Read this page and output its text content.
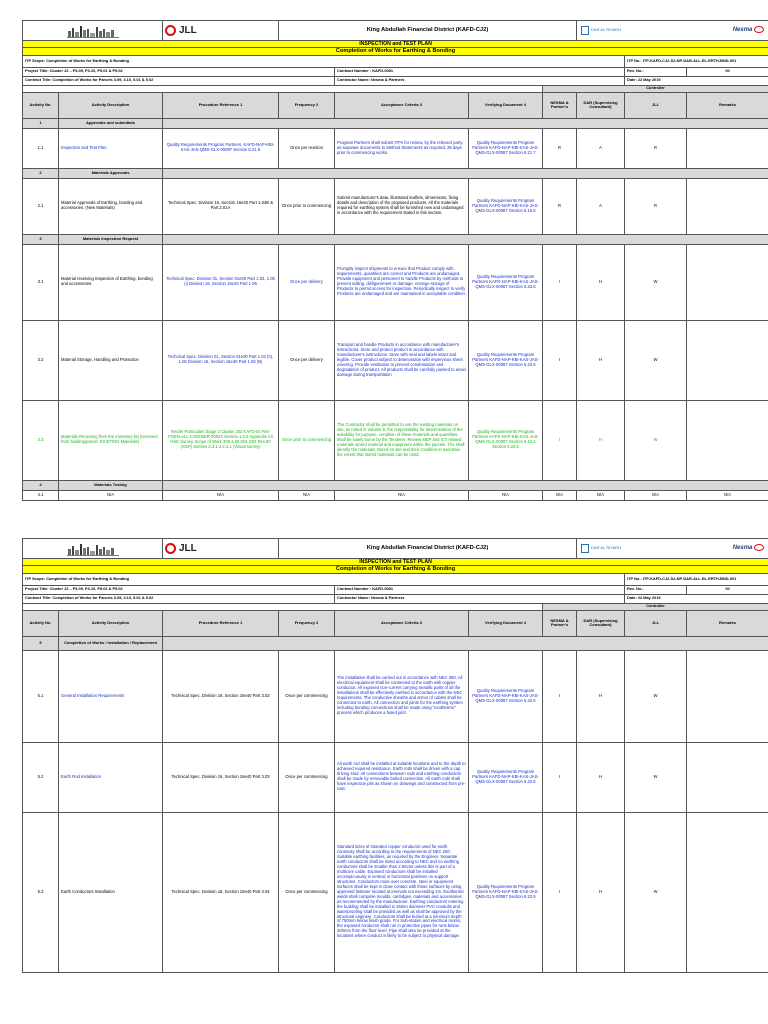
	JLL	King Abdullah Financial District (KAFD-CJ2)				DAR AL RIYADH Nesma		

INSPECTION and TEST PLAN									
Completion of Works for Earthing & Bonding									
ITP Scope: Completion of Works for Earthing & Bonding								ITP No.: ITP-KAFD-CJ2-S2-NP-DAR-ALL-EL-ERTH-BND-001	
Project Title: Cluster J2 – P3.09, P3.10, P5.01 & P5.02				Contract Number : KAFD-0081				Rev. No.:	00
Contract Title: Completion of Works for Parcels 3.09, 3.10, 5.01 & 5.02				Contractor Name: Nesma & Partners				Date: 22 May 2019	
						Controller			
Activity No.	Activity Description	Procedure Reference 1	Frequency 2	Acceptance Criteria 3	Verifying Document 4	NESMA & Partner's	DAR (Supervising Consultant)	JLL	Remarks
1	Approvals and submittals								
1.1	Inspection and Test Plan	Quality Requirements Program Partners, KAFD-NAP-KBI-KAS-JAS-QMS-GLX-00087 Section 6.21.6	Once per revision	Program Partners shall submit ITPs for review, by the relevant party, as separate documents to Method Statements as required, 28 days prior to commencing works.	Quality Requirements Program Partners KAFD-NAP-KBI-KAS-JAS-QMS-GLX-00087 Section 6.21.7	R	A	R	
2	Materials Approvals								
2.1	Material Approvals of Earthing, bonding and accessories. (New Materials)	Technical Spec. Division 16, Section 16e40 Part 1.04B & Part 2.01A	Once prior to commencing	Submit manufacturer's data, illustrated leaflets, dimensions, fixing details and description of the proposed products. All the materials required for earthing system shall be furnished new and undamaged in accordance with the requirement stated in this section.	Quality Requirements Program Partners KAFD-NAP-KBI-KAS-JAS-QMS-GLX-00087 Section 6.15.6	R	A	R	
3	Materials Inspection Request								
3.1	Material receiving Inspection of Earthing, bonding and accessories.	Technical Spec. Division 01, Section 01e00 Part 1.03, 1.05 (i) Division 16, Section 16e40 Part 1.06	Once per delivery	Promptly inspect shipments to ensure that Product comply with requirements, quantities are correct and Products are undamaged. Provide equipment and personnel to handle Products by methods to prevent soiling, disfigurement or damage. Arrange storage of Products to permit access for inspection. Periodically inspect to verify Products are undamaged and are maintained in acceptable condition.	Quality Requirements Program Partners KAFD-NAP-KBI-KAS-JAS-QMS-GLX-00087 Section 6.23.5	I	H	W	
3.2	Material Storage, Handling and Protection	Technical Spec. Division 01, Section 01e00 Part 1.03 (h), 1.05 Division 16, Section 16e40 Part 1.06 (B)	Once per delivery	Transport and handle Products in accordance with manufacturer's instructions. Store and protect product in accordance with manufacturer's instructions. Store with seal and labels intact and legible. Cover product subject to deterioration with impervious sheet covering. Provide ventilation to prevent condensation and degradation of product. All products shall be carefully packed to avoid damage during transportation	Quality Requirements Program Partners KAFD-NAP-KBI-KAS-JAS-QMS-GLX-00087 Section 6.23.5	I	H	W	
3.3	Materials Receiving from the Inventory list (removed from building/parcel. EXISTING Materials)	Tender Particulars Stage 2 Cluster J02 KAFD-01-RKI-FGEN-ALL-COM-BER-00024 Section 1.2.5 Appendix A3 HSE Survey Scope of Work 309.3.50.S01.S02 Rev.00 (SGP) Section 2.3.1.3.2.3.1 (Visual survey)	Once prior to commencing	The Contractor shall be permitted to use the existing materials on site, as noted in Volume 5; the responsibility for determination of the suitability for purpose, condition of these materials and quantities, shall be solely borne by the Tenderer. Review MEP and ICT related materials stored material and equipment within the parcels. The shall identify the materials stored on site and their condition to ascertain the extent that stored materials can be used.	Quality Requirements Program Partners KAFD-NAP-KBI-KAS-JAS-QMS-GLX-00087 Section 6.15.2 Section 6.23.5	I	H	W	
4	Materials Testing								
4.1	N/A	N/A	N/A	N/A	N/A	N/A	N/A	N/A	N/A
	JLL	King Abdullah Financial District (KAFD-CJ2)				DAR AL RIYADH Nesma		

INSPECTION and TEST PLAN									
Completion of Works for Earthing & Bonding									
ITP Scope: Completion of Works for Earthing & Bonding								ITP No.: ITP-KAFD-CJ2-S2-NP-DAR-ALL-EL-ERTH-BND-001	
Project Title: Cluster J2 – P3.09, P3.10, P5.01 & P5.02				Contract Number : KAFD-0081				Rev. No.:	00
Contract Title: Completion of Works for Parcels 3.09, 3.10, 5.01 & 5.02				Contractor Name: Nesma & Partners				Date: 22 May 2019	
						Controller			
Activity No.	Activity Description	Procedure Reference 1	Frequency 2	Acceptance Criteria 3	Verifying Document 4	NESMA & Partner's	DAR (Supervising Consultant)	JLL	Remarks
5	Completion of Works / Installation / Replacement								
5.1	General Installation Requirements	Technical Spec. Division 16, Section 16e40 Part 3.02	Once per commencing	The installation shall be carried out in accordance with NEC 250. All electrical equipment shall be connected to the earth with copper conductor. All exposed non-current carrying metallic parts of all the installations shall be effectively earthed in accordance with the NEC requirements. The conductive sheaths and armor of cables shall be connected to earth. All connection and joints for the earthing system including bonding connections shall be made using "exothermic" process which produces a fused joint.	Quality Requirements Program Partners KAFD-NAP-KBI-KAS-JAS-QMS-GLX-00087 Section 6.22.5	I	H	W	
5.2	Earth Rod Installation	Technical Spec. Division 16, Section 16e40 Part 3.03	Once per commencing	All earth rod shall be installed at suitable locations and to the depth to achieved required resistance. Earth rods shall be driven with a cap driving stud. All connections between rods and earthing conductors shall be made by removable bolted connection. All earth rods shall have inspection pits as shown on drawings and constructed from pre-cast.	Quality Requirements Program Partners KAFD-NAP-KBI-KAS-JAS-QMS-GLX-00087 Section 6.22.5	I	H	W	
5.3	Earth Conductors Installation	Technical Spec. Division 16, Section 16e40 Part 3.04	Once per commencing	Standard sizes of stranded copper conductor used for earth continuity shall be according to the requirements of NEC 250. Suitable earthing facilities, as required by the Engineer. Separate earth conductors shall be sized according to NEC and no earthing conductors shall be smaller than 2.5mm2 unless this is part of a multicore cable. Exposed conductors shall be installed inconspicuously in vertical or horizontal positions on support structures. Conductors route over concrete, steel or equipment surfaces shall be kept in close contact with those surfaces by using approved fastener located at intervals not exceeding 1m. Exothermic welds shall comprise moulds, cartridges, materials and accessories as recommended by the manufacturer. Earthing conductors entering the building shall be installed in 25mm diameter PVC conduits and waterproofing shall be provided as well as shall be approved by the structural engineer. Conductors shall be buried at a minimum depth of 750mm below finish grade. For Sub-station and electrical rooms, the exposed conductor shall run in protective pipes for runs below 300mm from the floor level. Pipe shall also be provided at the locations where conduct is likely to be subject to physical damage.	Quality Requirements Program Partners KAFD-NAP-KBI-KAS-JAS-QMS-GLX-00087 Section 6.22.5	I	H	W	
